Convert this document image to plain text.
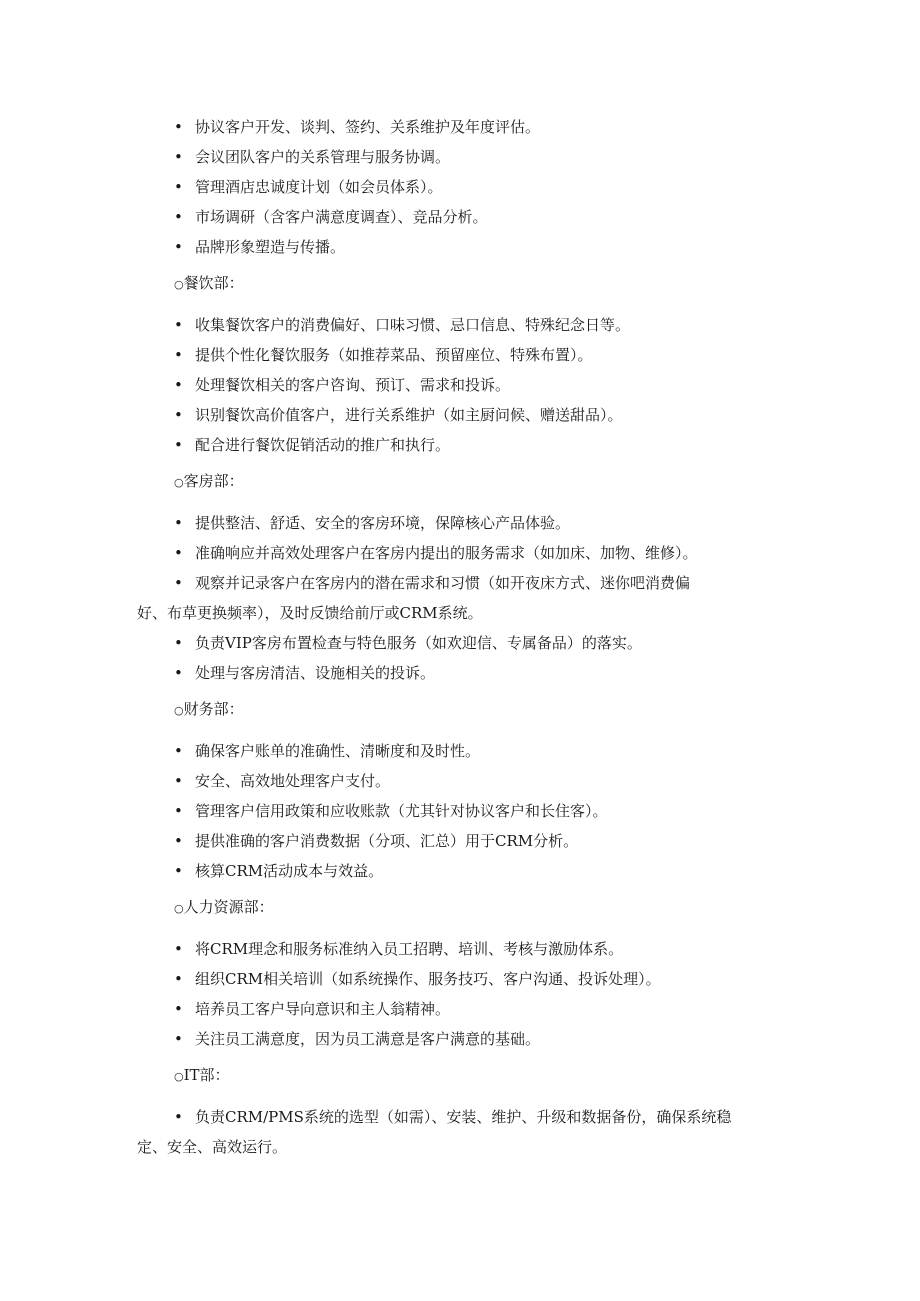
• 协议客户开发、谈判、签约、关系维护及年度评估。
• 会议团队客户的关系管理与服务协调。
• 管理酒店忠诚度计划（如会员体系）。
• 市场调研（含客户满意度调查）、竞品分析。
• 品牌形象塑造与传播。
○餐饮部：
• 收集餐饮客户的消费偏好、口味习惯、忌口信息、特殊纪念日等。
• 提供个性化餐饮服务（如推荐菜品、预留座位、特殊布置）。
• 处理餐饮相关的客户咨询、预订、需求和投诉。
• 识别餐饮高价值客户，进行关系维护（如主厨问候、赠送甜品）。
• 配合进行餐饮促销活动的推广和执行。
○客房部：
• 提供整洁、舒适、安全的客房环境，保障核心产品体验。
• 准确响应并高效处理客户在客房内提出的服务需求（如加床、加物、维修）。
• 观察并记录客户在客房内的潜在需求和习惯（如开夜床方式、迷你吧消费偏
好、布草更换频率），及时反馈给前厅或CRM系统。
• 负责VIP客房布置检查与特色服务（如欢迎信、专属备品）的落实。
• 处理与客房清洁、设施相关的投诉。
○财务部：
• 确保客户账单的准确性、清晰度和及时性。
• 安全、高效地处理客户支付。
• 管理客户信用政策和应收账款（尤其针对协议客户和长住客）。
• 提供准确的客户消费数据（分项、汇总）用于CRM分析。
• 核算CRM活动成本与效益。
○人力资源部：
• 将CRM理念和服务标准纳入员工招聘、培训、考核与激励体系。
• 组织CRM相关培训（如系统操作、服务技巧、客户沟通、投诉处理）。
• 培养员工客户导向意识和主人翁精神。
• 关注员工满意度，因为员工满意是客户满意的基础。
○IT部：
• 负责CRM/PMS系统的选型（如需）、安装、维护、升级和数据备份，确保系统稳
定、安全、高效运行。
